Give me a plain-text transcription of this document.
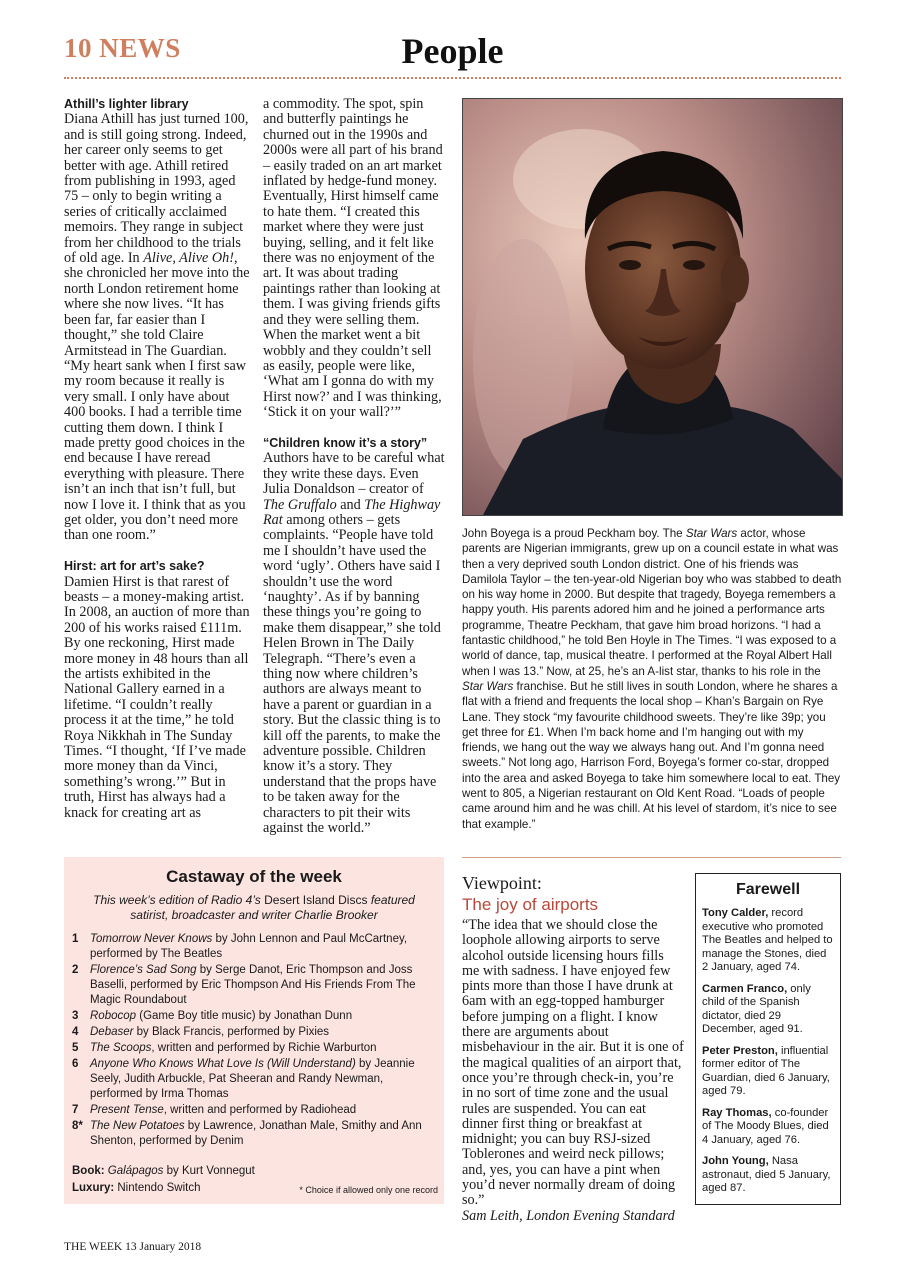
10 NEWS	People
Athill’s lighter library

Diana Athill has just turned 100, and is still going strong. Indeed, her career only seems to get better with age. Athill retired from publishing in 1993, aged 75 – only to begin writing a series of critically acclaimed memoirs. They range in subject from her childhood to the trials of old age. In Alive, Alive Oh!, she chronicled her move into the north London retirement home where she now lives. “It has been far, far easier than I thought,” she told Claire Armitstead in The Guardian. “My heart sank when I first saw my room because it really is very small. I only have about 400 books. I had a terrible time cutting them down. I think I made pretty good choices in the end because I have reread everything with pleasure. There isn’t an inch that isn’t full, but now I love it. I think that as you get older, you don’t need more than one room.”

Hirst: art for art’s sake?

Damien Hirst is that rarest of beasts – a money-making artist. In 2008, an auction of more than 200 of his works raised £111m. By one reckoning, Hirst made more money in 48 hours than all the artists exhibited in the National Gallery earned in a lifetime. “I couldn’t really process it at the time,” he told Roya Nikkhah in The Sunday Times. “I thought, ‘If I’ve made more money than da Vinci, something’s wrong.’” But in truth, Hirst has always had a knack for creating art as

a commodity. The spot, spin and butterfly paintings he churned out in the 1990s and 2000s were all part of his brand – easily traded on an art market inflated by hedge-fund money. Eventually, Hirst himself came to hate them. “I created this market where they were just buying, selling, and it felt like there was no enjoyment of the art. It was about trading paintings rather than looking at them. I was giving friends gifts and they were selling them. When the market went a bit wobbly and they couldn’t sell as easily, people were like, ‘What am I gonna do with my Hirst now?’ and I was thinking, ‘Stick it on your wall?’”

“Children know it’s a story”

Authors have to be careful what they write these days. Even Julia Donaldson – creator of The Gruffalo and The Highway Rat among others – gets complaints. “People have told me I shouldn’t have used the word ‘ugly’. Others have said I shouldn’t use the word ‘naughty’. As if by banning these things you’re going to make them disappear,” she told Helen Brown in The Daily Telegraph. “There’s even a thing now where children’s authors are always meant to have a parent or guardian in a story. But the classic thing is to kill off the parents, to make the adventure possible. Children know it’s a story. They understand that the props have to be taken away for the characters to pit their wits against the world.”

John Boyega is a proud Peckham boy. The Star Wars actor, whose parents are Nigerian immigrants, grew up on a council estate in what was then a very deprived south London district. One of his friends was Damilola Taylor – the ten-year-old Nigerian boy who was stabbed to death on his way home in 2000. But despite that tragedy, Boyega remembers a happy youth. His parents adored him and he joined a performance arts programme, Theatre Peckham, that gave him broad horizons. “I had a fantastic childhood,” he told Ben Hoyle in The Times. “I was exposed to a world of dance, tap, musical theatre. I performed at the Royal Albert Hall when I was 13.” Now, at 25, he’s an A-list star, thanks to his role in the Star Wars franchise. But he still lives in south London, where he shares a flat with a friend and frequents the local shop – Khan’s Bargain on Rye Lane. They stock “my favourite childhood sweets. They’re like 39p; you get three for £1. When I’m back home and I’m hanging out with my friends, we hang out the way we always hang out. And I’m gonna need sweets.” Not long ago, Harrison Ford, Boyega’s former co-star, dropped into the area and asked Boyega to take him somewhere local to eat. They went to 805, a Nigerian restaurant on Old Kent Road. “Loads of people came around him and he was chill. At his level of stardom, it’s nice to see that example.”
Castaway of the week
This week’s edition of Radio 4’s Desert Island Discs featured satirist, broadcaster and writer Charlie Brooker
1	Tomorrow Never Knows by John Lennon and Paul McCartney, performed by The Beatles
2	Florence’s Sad Song by Serge Danot, Eric Thompson and Joss Baselli, performed by Eric Thompson And His Friends From The Magic Roundabout
3	Robocop (Game Boy title music) by Jonathan Dunn
4	Debaser by Black Francis, performed by Pixies
5	The Scoops, written and performed by Richie Warburton
6	Anyone Who Knows What Love Is (Will Understand) by Jeannie Seely, Judith Arbuckle, Pat Sheeran and Randy Newman, performed by Irma Thomas
7	Present Tense, written and performed by Radiohead
8* The New Potatoes by Lawrence, Jonathan Male, Smithy and Ann Shenton, performed by Denim
Book: Galápagos by Kurt Vonnegut
Luxury: Nintendo Switch	* Choice if allowed only one record
Viewpoint:
The joy of airports
“The idea that we should close the loophole allowing airports to serve alcohol outside licensing hours fills me with sadness. I have enjoyed few pints more than those I have drunk at 6am with an egg-topped hamburger before jumping on a flight. I know there are arguments about misbehaviour in the air. But it is one of the magical qualities of an airport that, once you’re through check-in, you’re in no sort of time zone and the usual rules are suspended. You can eat dinner first thing or breakfast at midnight; you can buy RSJ-sized Toblerones and weird neck pillows; and, yes, you can have a pint when you’d never normally dream of doing so.”
Sam Leith, London Evening Standard
Farewell
Tony Calder, record executive who promoted The Beatles and helped to manage the Stones, died 2 January, aged 74.
Carmen Franco, only child of the Spanish dictator, died 29 December, aged 91.
Peter Preston, influential former editor of The Guardian, died 6 January, aged 79.
Ray Thomas, co-founder of The Moody Blues, died 4 January, aged 76.
John Young, Nasa astronaut, died 5 January, aged 87.
THE WEEK 13 January 2018
